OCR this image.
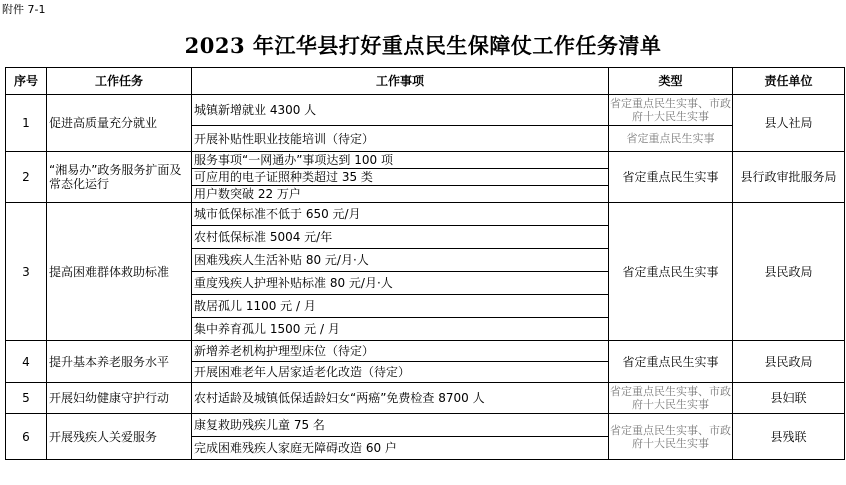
附件 7-1
2023 年江华县打好重点民生保障仗工作任务清单
序号	工作任务	工作事项	类型	责任单位
1	促进高质量充分就业	城镇新增就业 4300 人	省定重点民生实事、市政府十大民生实事	县人社局
		开展补贴性职业技能培训（待定）	省定重点民生实事	
2	“湘易办”政务服务扩面及常态化运行	服务事项“一网通办”事项达到 100 项	省定重点民生实事	县行政审批服务局
		可应用的电子证照种类超过 35 类		
		用户数突破 22 万户		
3	提高困难群体救助标准	城市低保标准不低于 650 元/月	省定重点民生实事	县民政局
		农村低保标准 5004 元/年		
		困难残疾人生活补贴 80 元/月·人		
		重度残疾人护理补贴标准 80 元/月·人		
		散居孤儿 1100 元 / 月		
		集中养育孤儿 1500 元 / 月		
4	提升基本养老服务水平	新增养老机构护理型床位（待定）	省定重点民生实事	县民政局
		开展困难老年人居家适老化改造（待定）		
5	开展妇幼健康守护行动	农村适龄及城镇低保适龄妇女“两癌”免费检查 8700 人	省定重点民生实事、市政府十大民生实事	县妇联
6	开展残疾人关爱服务	康复救助残疾儿童 75 名	省定重点民生实事、市政府十大民生实事	县残联
		完成困难残疾人家庭无障碍改造 60 户		
